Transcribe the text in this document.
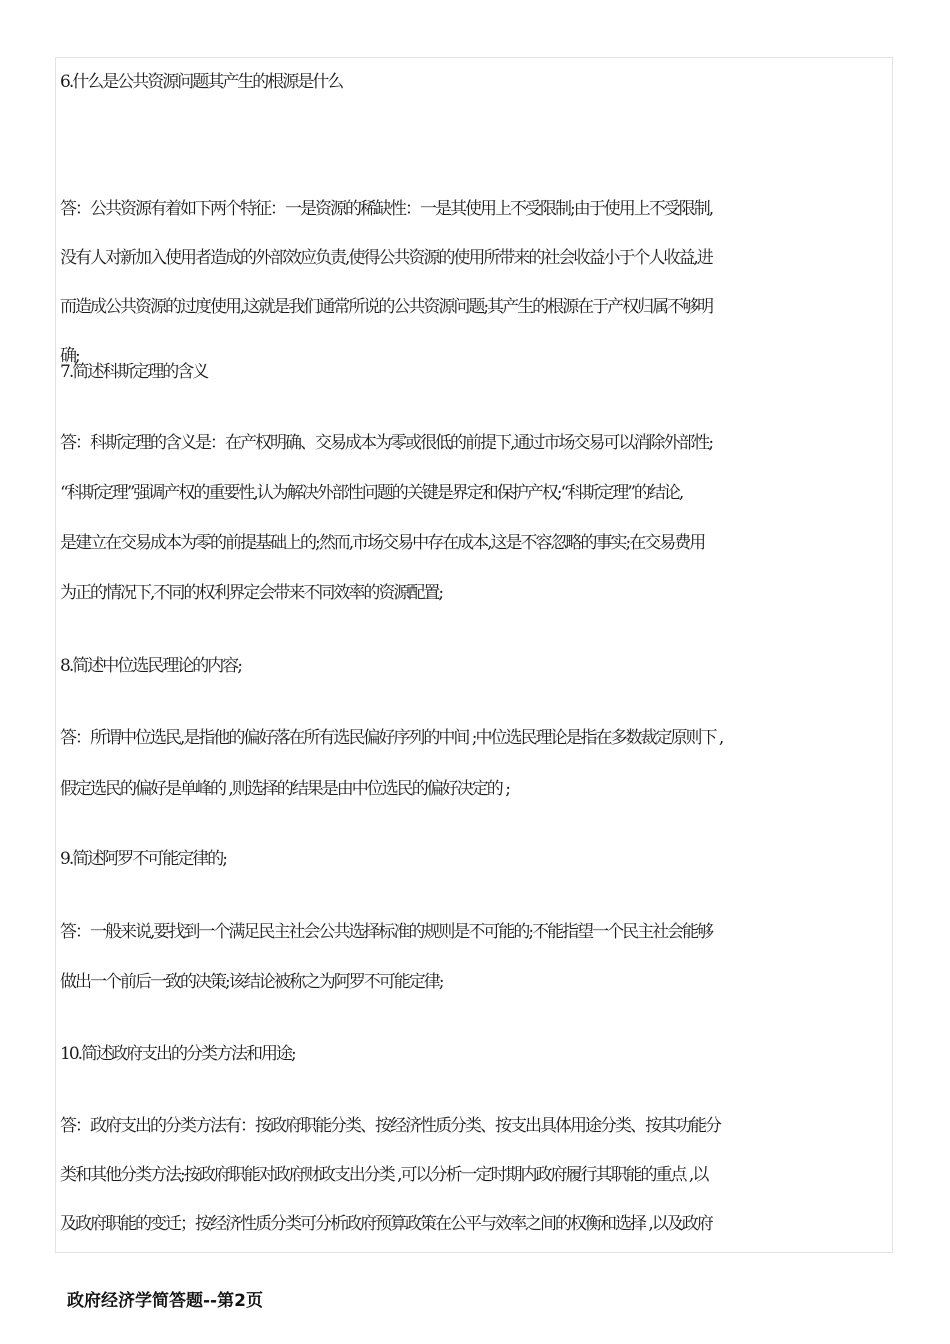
6.什么是公共资源问题其产生的根源是什么
答：公共资源有着如下两个特征：一是资源的稀缺性：一是其使用上不受限制;由于使用上不受限制,
没有人对新加入使用者造成的外部效应负责,使得公共资源的使用所带来的社会收益小于个人收益,进
而造成公共资源的过度使用,这就是我们通常所说的公共资源问题;其产生的根源在于产权归属不够明
确;
7.简述科斯定理的含义
答：科斯定理的含义是：在产权明确、交易成本为零或很低的前提下,通过市场交易可以消除外部性;
“科斯定理”强调产权的重要性,认为解决外部性问题的关键是界定和保护产权;“科斯定理”的结论,
是建立在交易成本为零的前提基础上的;然而,市场交易中存在成本,这是不容忽略的事实;在交易费用
为正的情况下,不同的权利界定会带来不同效率的资源配置;
8.简述中位选民理论的内容;
答：所谓中位选民,是指他的偏好落在所有选民偏好序列的中间 ;中位选民理论是指在多数裁定原则下 ,
假定选民的偏好是单峰的 ,则选择的结果是由中位选民的偏好决定的 ;
9.简述阿罗不可能定律的;
答：一般来说,要找到一个满足民主社会公共选择标准的规则是不可能的;不能指望一个民主社会能够
做出一个前后一致的决策;该结论被称之为阿罗不可能定律;
10.简述政府支出的分类方法和用途;
答：政府支出的分类方法有：按政府职能分类、按经济性质分类、按支出具体用途分类、按其功能分
类和其他分类方法;按政府职能对政府财政支出分类 ,可以分析一定时期内政府履行其职能的重点 ,以
及政府职能的变迁；按经济性质分类可分析政府预算政策在公平与效率之间的权衡和选择 ,以及政府
政府经济学简答题--第2页
